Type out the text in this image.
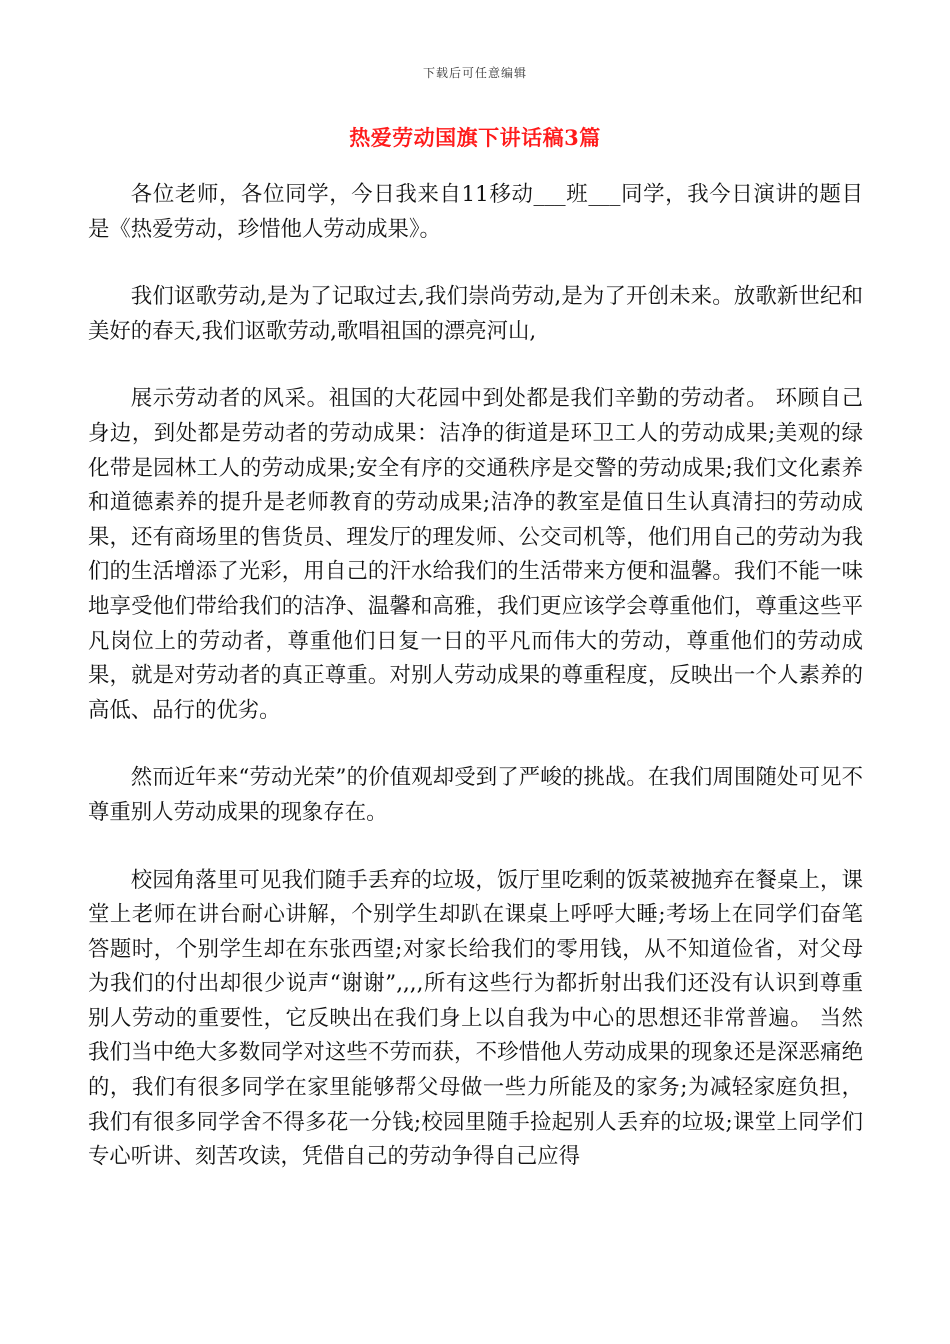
下载后可任意编辑
热爱劳动国旗下讲话稿3篇

各位老师，各位同学，今日我来自11移动___班___同学，我今日演讲的题目是《热爱劳动，珍惜他人劳动成果》。

我们讴歌劳动,是为了记取过去,我们崇尚劳动,是为了开创未来。放歌新世纪和美好的春天,我们讴歌劳动,歌唱祖国的漂亮河山,

展示劳动者的风采。祖国的大花园中到处都是我们辛勤的劳动者。 环顾自己身边，到处都是劳动者的劳动成果：洁净的街道是环卫工人的劳动成果;美观的绿化带是园林工人的劳动成果;安全有序的交通秩序是交警的劳动成果;我们文化素养和道德素养的提升是老师教育的劳动成果;洁净的教室是值日生认真清扫的劳动成果，还有商场里的售货员、理发厅的理发师、公交司机等，他们用自己的劳动为我们的生活增添了光彩，用自己的汗水给我们的生活带来方便和温馨。我们不能一味地享受他们带给我们的洁净、温馨和高雅，我们更应该学会尊重他们，尊重这些平凡岗位上的劳动者，尊重他们日复一日的平凡而伟大的劳动，尊重他们的劳动成果，就是对劳动者的真正尊重。对别人劳动成果的尊重程度，反映出一个人素养的高低、品行的优劣。

然而近年来“劳动光荣”的价值观却受到了严峻的挑战。在我们周围随处可见不尊重别人劳动成果的现象存在。

校园角落里可见我们随手丢弃的垃圾，饭厅里吃剩的饭菜被抛弃在餐桌上，课堂上老师在讲台耐心讲解，个别学生却趴在课桌上呼呼大睡;考场上在同学们奋笔答题时，个别学生却在东张西望;对家长给我们的零用钱，从不知道俭省，对父母为我们的付出却很少说声“谢谢”,,,,所有这些行为都折射出我们还没有认识到尊重别人劳动的重要性，它反映出在我们身上以自我为中心的思想还非常普遍。 当然我们当中绝大多数同学对这些不劳而获，不珍惜他人劳动成果的现象还是深恶痛绝的，我们有很多同学在家里能够帮父母做一些力所能及的家务;为减轻家庭负担，我们有很多同学舍不得多花一分钱;校园里随手捡起别人丢弃的垃圾;课堂上同学们专心听讲、刻苦攻读，凭借自己的劳动争得自己应得
